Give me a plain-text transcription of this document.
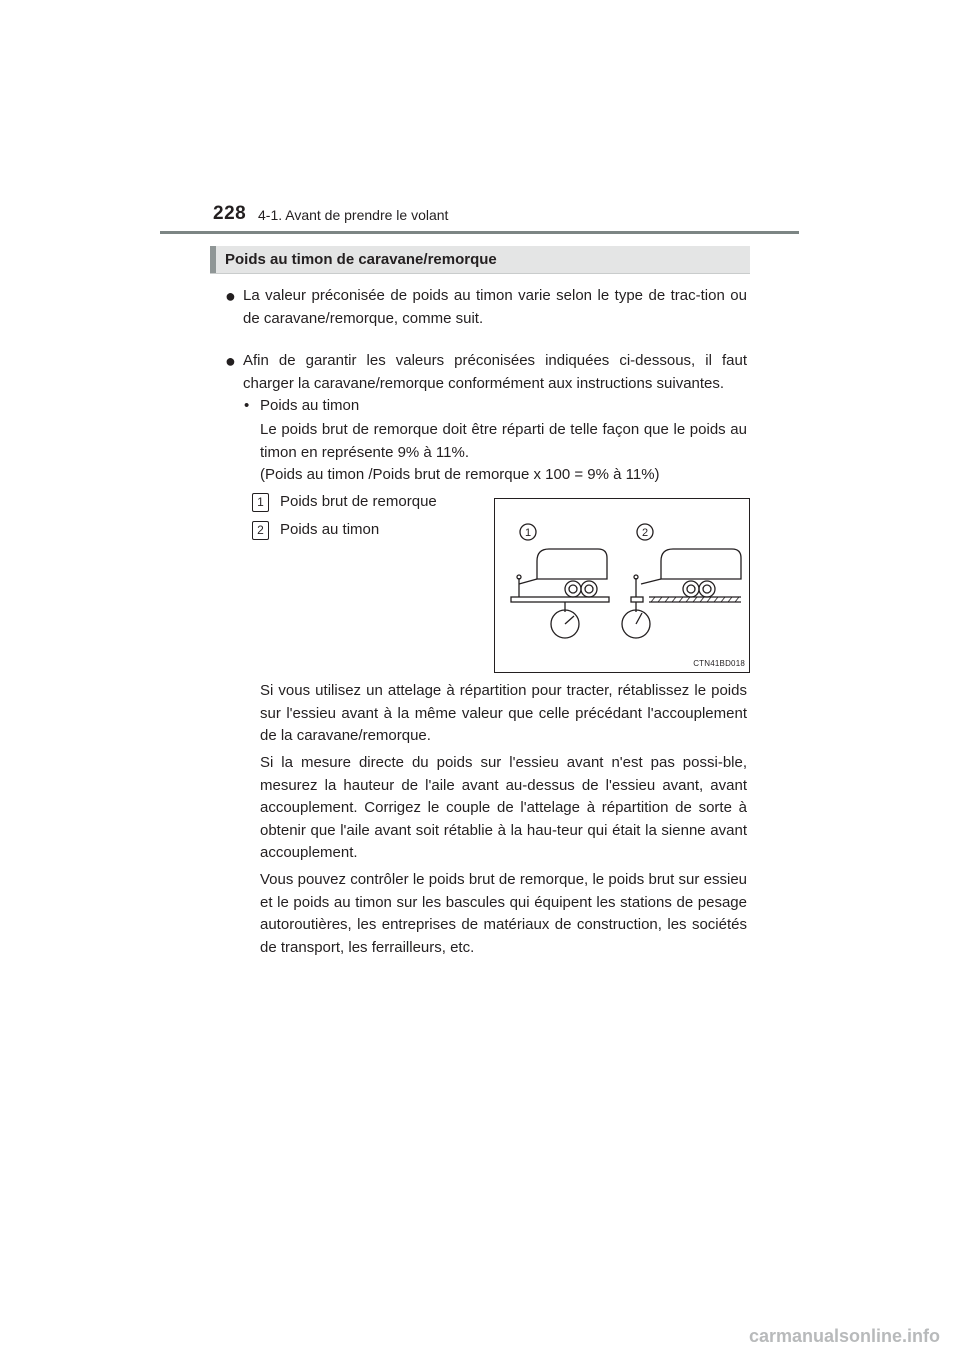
228 4-1. Avant de prendre le volant
Poids au timon de caravane/remorque
● La valeur préconisée de poids au timon varie selon le type de trac-tion ou de caravane/remorque, comme suit.
● Afin de garantir les valeurs préconisées indiquées ci-dessous, il faut charger la caravane/remorque conformément aux instructions suivantes.
• Poids au timon
Le poids brut de remorque doit être réparti de telle façon que le poids au timon en représente 9% à 11%.
(Poids au timon /Poids brut de remorque x 100 = 9% à 11%)
1	Poids brut de remorque
2	Poids au timon	1	2
CTN41BD018
Si vous utilisez un attelage à répartition pour tracter, rétablissez le poids sur l'essieu avant à la même valeur que celle précédant l'accouplement de la caravane/remorque.
Si la mesure directe du poids sur l'essieu avant n'est pas possi-ble, mesurez la hauteur de l'aile avant au-dessus de l'essieu avant, avant accouplement. Corrigez le couple de l'attelage à répartition de sorte à obtenir que l'aile avant soit rétablie à la hau-teur qui était la sienne avant accouplement.
Vous pouvez contrôler le poids brut de remorque, le poids brut sur essieu et le poids au timon sur les bascules qui équipent les stations de pesage autoroutières, les entreprises de matériaux de construction, les sociétés de transport, les ferrailleurs, etc.
carmanualsonline.info
